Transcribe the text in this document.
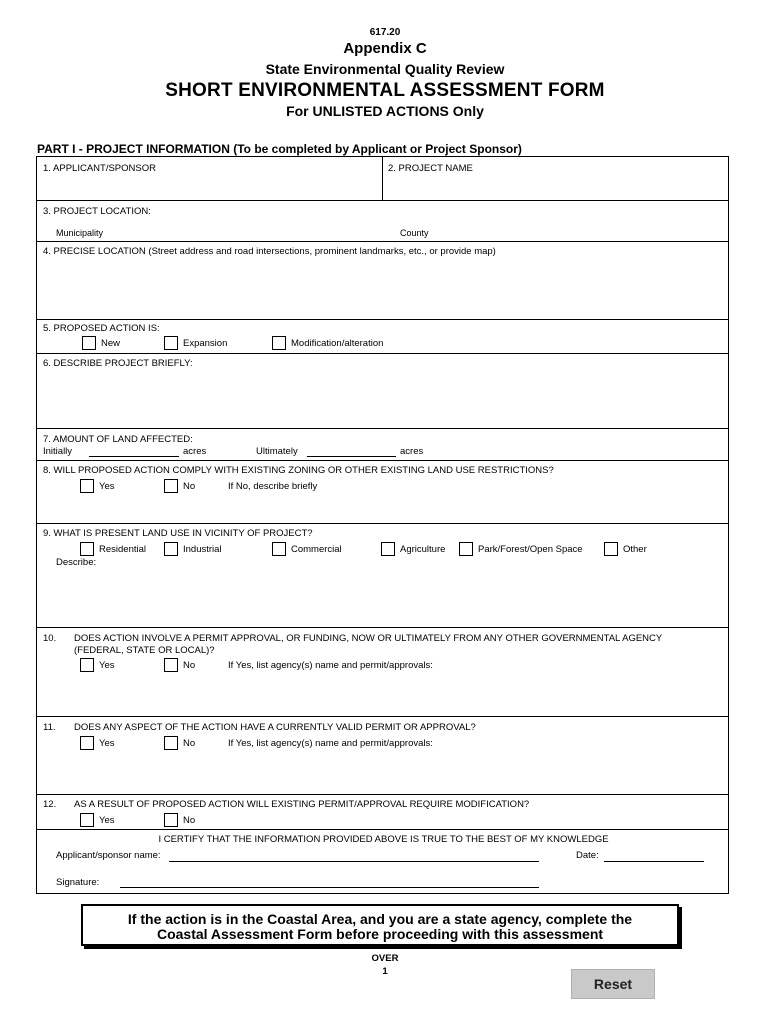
617.20
Appendix C
State Environmental Quality Review
SHORT ENVIRONMENTAL ASSESSMENT FORM
For UNLISTED ACTIONS Only
PART I - PROJECT INFORMATION (To be completed by Applicant or Project Sponsor)
1. APPLICANT/SPONSOR	2. PROJECT NAME
3. PROJECT LOCATION:
Municipality	County
4. PRECISE LOCATION (Street address and road intersections, prominent landmarks, etc., or provide map)
5. PROPOSED ACTION IS:
New	Expansion	Modification/alteration
6. DESCRIBE PROJECT BRIEFLY:
7. AMOUNT OF LAND AFFECTED:
Initially	acres	Ultimately	acres
8. WILL PROPOSED ACTION COMPLY WITH EXISTING ZONING OR OTHER EXISTING LAND USE RESTRICTIONS?
Yes	No	If No, describe briefly
9. WHAT IS PRESENT LAND USE IN VICINITY OF PROJECT?
Residential	Industrial	Commercial	Agriculture	Park/Forest/Open Space	Other
Describe:
10. DOES ACTION INVOLVE A PERMIT APPROVAL, OR FUNDING, NOW OR ULTIMATELY FROM ANY OTHER GOVERNMENTAL AGENCY
(FEDERAL, STATE OR LOCAL)?
Yes	No	If Yes, list agency(s) name and permit/approvals:
11. DOES ANY ASPECT OF THE ACTION HAVE A CURRENTLY VALID PERMIT OR APPROVAL?
Yes	No	If Yes, list agency(s) name and permit/approvals:
12. AS A RESULT OF PROPOSED ACTION WILL EXISTING PERMIT/APPROVAL REQUIRE MODIFICATION?
Yes	No
I CERTIFY THAT THE INFORMATION PROVIDED ABOVE IS TRUE TO THE BEST OF MY KNOWLEDGE
Applicant/sponsor name:	Date:
Signature:
If the action is in the Coastal Area, and you are a state agency, complete the
Coastal Assessment Form before proceeding with this assessment
OVER
1
Reset
